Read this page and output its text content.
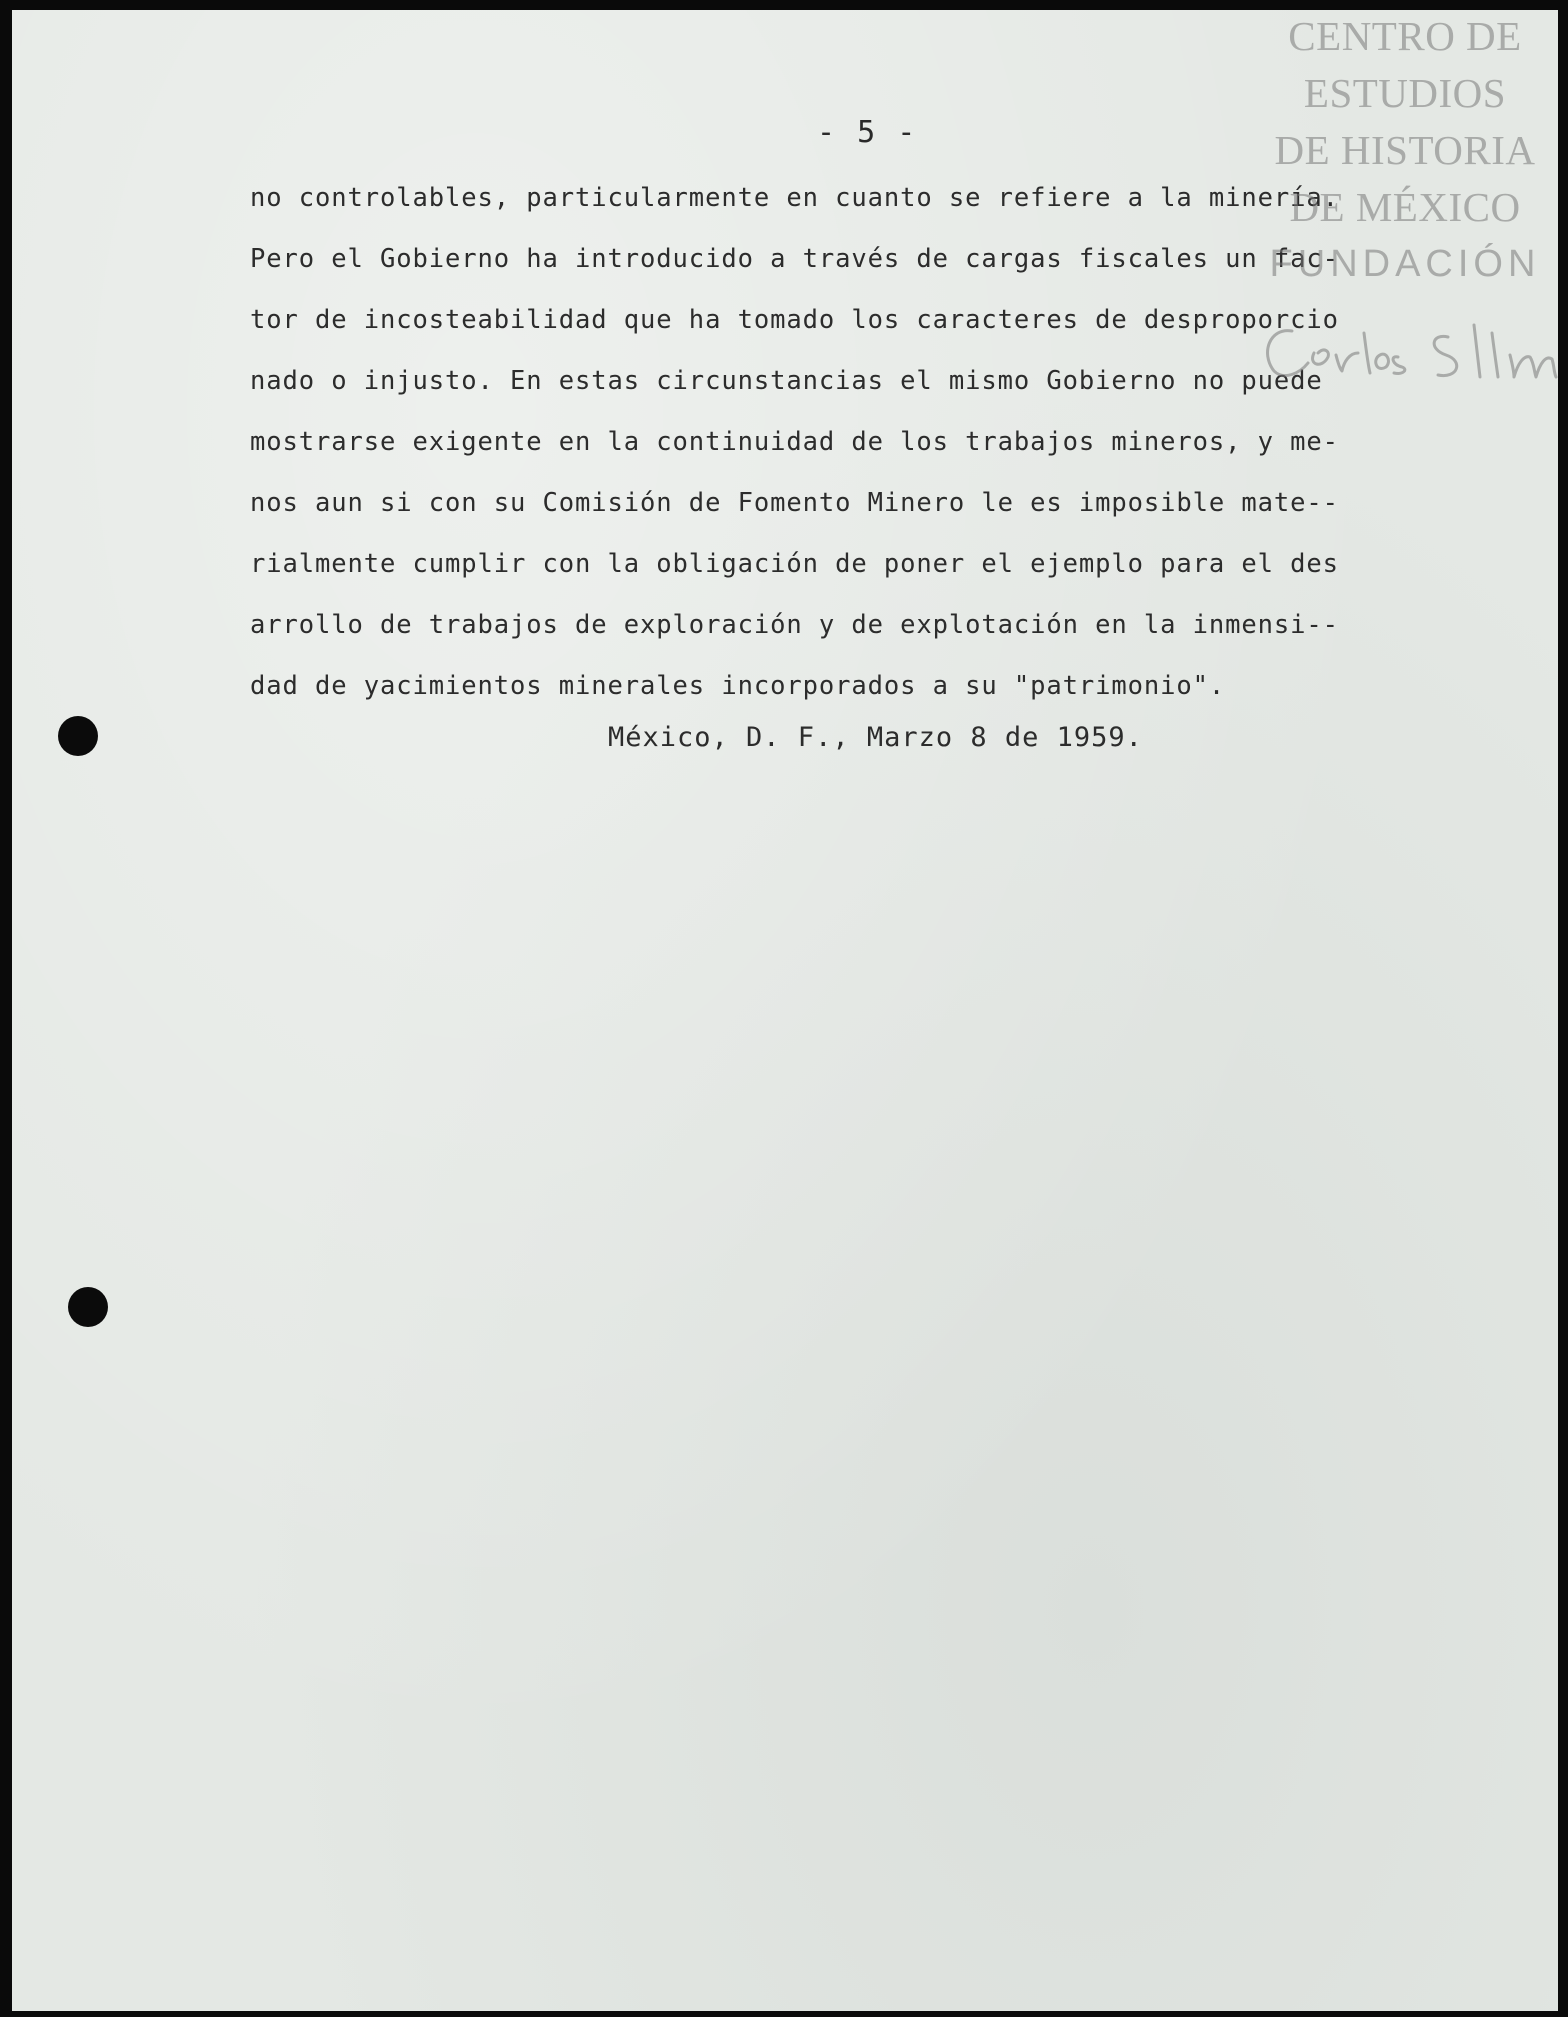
- 5 -
no controlables, particularmente en cuanto se refiere a la minería.
Pero el Gobierno ha introducido a través de cargas fiscales un fac-
tor de incosteabilidad que ha tomado los caracteres de desproporcio
nado o injusto. En estas circunstancias el mismo Gobierno no puede
mostrarse exigente en la continuidad de los trabajos mineros, y me-
nos aun si con su Comisión de Fomento Minero le es imposible mate--
rialmente cumplir con la obligación de poner el ejemplo para el des
arrollo de trabajos de exploración y de explotación en la inmensi--
dad de yacimientos minerales incorporados a su "patrimonio".
México, D. F., Marzo 8 de 1959.
CENTRO DE
ESTUDIOS
DE HISTORIA
DE MÉXICO
FUNDACIÓN
